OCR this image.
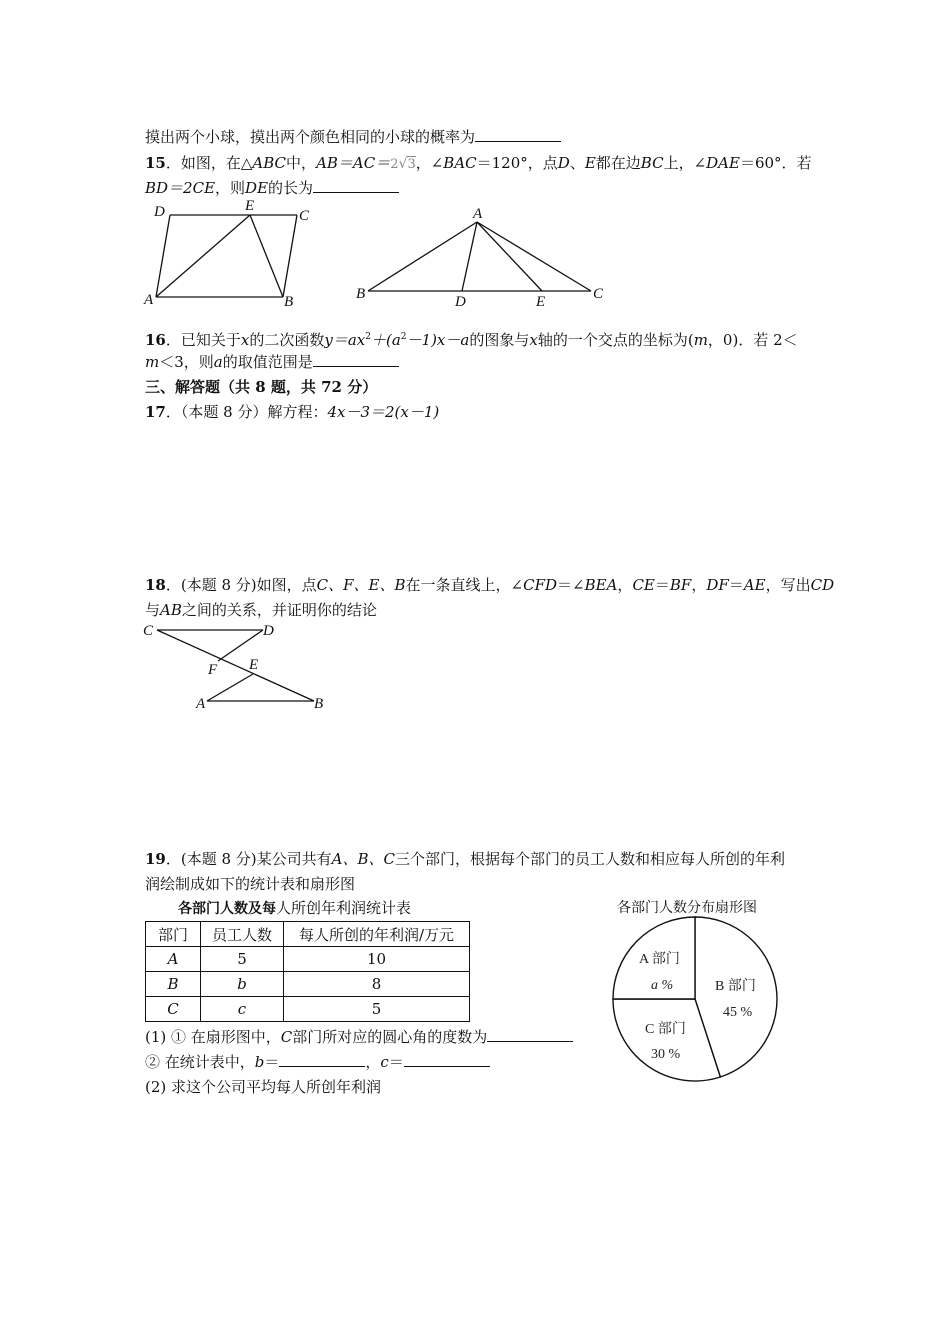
摸出两个小球，摸出两个颜色相同的小球的概率为
15．如图，在△ABC中，AB＝AC＝2√3，∠BAC＝120°，点D、E都在边BC上，∠DAE＝60°．若
BD＝2CE，则DE的长为
D	E
C
A	B
A
B	D	E	C
16．已知关于x的二次函数$y=ax^2+(a^2-1)x-a$的图象与x轴的一个交点的坐标为(m，0)．若 2＜
m＜3，则a的取值范围是
三、解答题（共 8 题，共 72 分）
17．（本题 8 分）解方程：4x－3＝2(x－1)
18．(本题 8 分)如图，点C、F、E、B在一条直线上，∠CFD＝∠BEA，CE＝BF，DF＝AE，写出CD
与AB之间的关系，并证明你的结论
C	D
F E
A	B
19．(本题 8 分)某公司共有A、B、C三个部门，根据每个部门的员工人数和相应每人所创的年利
润绘制成如下的统计表和扇形图
各部门人数及每人所创年利润统计表
部门	员工人数	每人所创的年利润/万元
A	5	10
B	b	8
C	c	5
(1) ① 在扇形图中，C部门所对应的圆心角的度数为
② 在统计表中，b＝	，c＝
(2) 求这个公司平均每人所创年利润
各部门人数分布扇形图
A 部门
a %	B 部门
45 %
C 部门
30 %
